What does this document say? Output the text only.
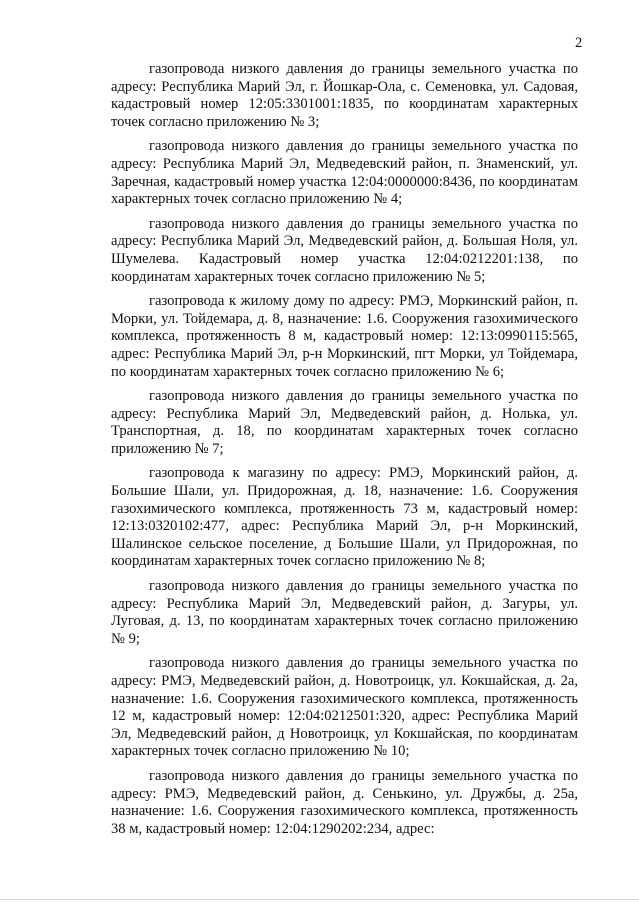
2

газопровода низкого давления до границы земельного участка по адресу: Республика Марий Эл, г. Йошкар-Ола, с. Семеновка, ул. Садовая, кадастровый номер 12:05:3301001:1835, по координатам характерных точек согласно приложению № 3;

газопровода низкого давления до границы земельного участка по адресу: Республика Марий Эл, Медведевский район, п. Знаменский, ул. Заречная, кадастровый номер участка 12:04:0000000:8436, по координатам характерных точек согласно приложению № 4;

газопровода низкого давления до границы земельного участка по адресу: Республика Марий Эл, Медведевский район, д. Большая Ноля, ул. Шумелева. Кадастровый номер участка 12:04:0212201:138, по координатам характерных точек согласно приложению № 5;

газопровода к жилому дому по адресу: РМЭ, Моркинский район, п. Морки, ул. Тойдемара, д. 8, назначение: 1.6. Сооружения газохимического комплекса, протяженность 8 м, кадастровый номер: 12:13:0990115:565, адрес: Республика Марий Эл, р-н Моркинский, пгт Морки, ул Тойдемара, по координатам характерных точек согласно приложению № 6;

газопровода низкого давления до границы земельного участка по адресу: Республика Марий Эл, Медведевский район, д. Нолька, ул. Транспортная, д. 18, по координатам характерных точек согласно приложению № 7;

газопровода к магазину по адресу: РМЭ, Моркинский район, д. Большие Шали, ул. Придорожная, д. 18, назначение: 1.6. Сооружения газохимического комплекса, протяженность 73 м, кадастровый номер: 12:13:0320102:477, адрес: Республика Марий Эл, р-н Моркинский, Шалинское сельское поселение, д Большие Шали, ул Придорожная, по координатам характерных точек согласно приложению № 8;

газопровода низкого давления до границы земельного участка по адресу: Республика Марий Эл, Медведевский район, д. Загуры, ул. Луговая, д. 13, по координатам характерных точек согласно приложению № 9;

газопровода низкого давления до границы земельного участка по адресу: РМЭ, Медведевский район, д. Новотроицк, ул. Кокшайская, д. 2а, назначение: 1.6. Сооружения газохимического комплекса, протяженность 12 м, кадастровый номер: 12:04:0212501:320, адрес: Республика Марий Эл, Медведевский район, д Новотроицк, ул Кокшайская, по координатам характерных точек согласно приложению № 10;

газопровода низкого давления до границы земельного участка по адресу: РМЭ, Медведевский район, д. Сенькино, ул. Дружбы, д. 25а, назначение: 1.6. Сооружения газохимического комплекса, протяженность 38 м, кадастровый номер: 12:04:1290202:234, адрес:
